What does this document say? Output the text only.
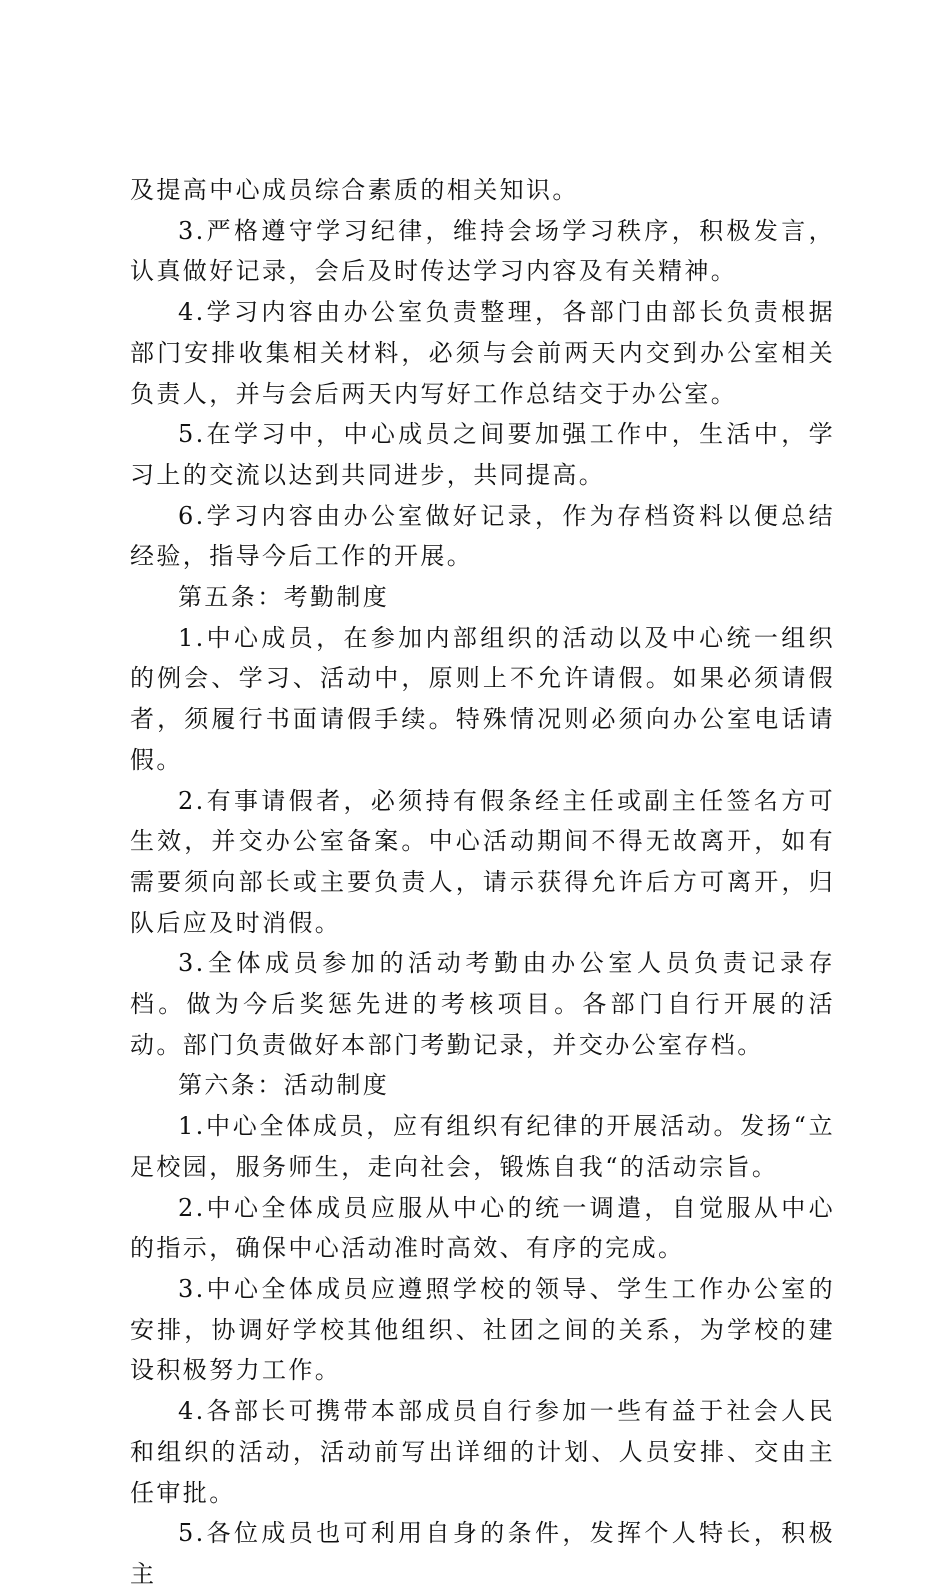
及提高中心成员综合素质的相关知识。

3.严格遵守学习纪律，维持会场学习秩序，积极发言，认真做好记录，会后及时传达学习内容及有关精神。

4.学习内容由办公室负责整理，各部门由部长负责根据部门安排收集相关材料，必须与会前两天内交到办公室相关负责人，并与会后两天内写好工作总结交于办公室。

5.在学习中，中心成员之间要加强工作中，生活中，学习上的交流以达到共同进步，共同提高。

6.学习内容由办公室做好记录，作为存档资料以便总结经验，指导今后工作的开展。

第五条：考勤制度

1.中心成员，在参加内部组织的活动以及中心统一组织的例会、学习、活动中，原则上不允许请假。如果必须请假者，须履行书面请假手续。特殊情况则必须向办公室电话请假。

2.有事请假者，必须持有假条经主任或副主任签名方可生效，并交办公室备案。中心活动期间不得无故离开，如有需要须向部长或主要负责人，请示获得允许后方可离开，归队后应及时消假。

3.全体成员参加的活动考勤由办公室人员负责记录存档。做为今后奖惩先进的考核项目。各部门自行开展的活动。部门负责做好本部门考勤记录，并交办公室存档。

第六条：活动制度

1.中心全体成员，应有组织有纪律的开展活动。发扬“立足校园，服务师生，走向社会，锻炼自我“的活动宗旨。

2.中心全体成员应服从中心的统一调遣，自觉服从中心的指示，确保中心活动准时高效、有序的完成。

3.中心全体成员应遵照学校的领导、学生工作办公室的安排，协调好学校其他组织、社团之间的关系，为学校的建设积极努力工作。

4.各部长可携带本部成员自行参加一些有益于社会人民和组织的活动，活动前写出详细的计划、人员安排、交由主任审批。

5.各位成员也可利用自身的条件，发挥个人特长，积极主
